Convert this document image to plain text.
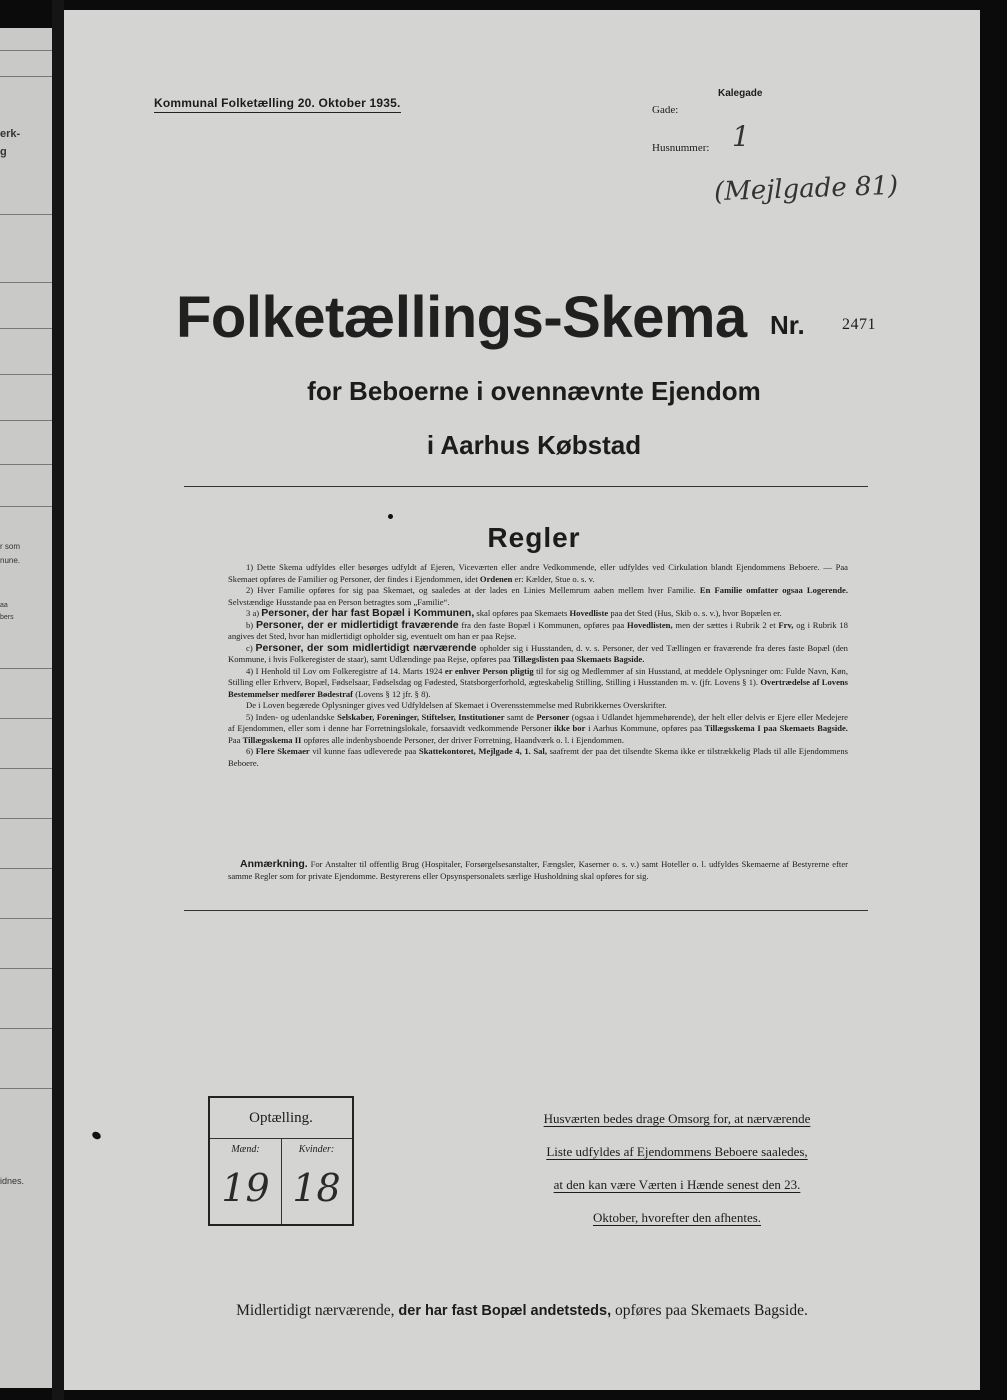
erk-
g
r som
nune.
aa
bers
idnes.
Kommunal Folketælling 20. Oktober 1935.	Gade:
Kalegade
Husnummer: 1
(Mejlgade 81)
Folketællings-Skema Nr. 2471
for Beboerne i ovennævnte Ejendom
i Aarhus Købstad
Regler

1) Dette Skema udfyldes eller besørges udfyldt af Ejeren, Viceværten eller andre Vedkommende, eller udfyldes ved Cirkulation blandt Ejendommens Beboere. — Paa Skemaet opføres de Familier og Personer, der findes i Ejendommen, idet Ordenen er: Kælder, Stue o. s. v.

2) Hver Familie opføres for sig paa Skemaet, og saaledes at der lades en Linies Mellemrum aaben mellem hver Familie. En Familie omfatter ogsaa Logerende. Selvstændige Husstande paa en Person betragtes som „Familie“.

3 a) Personer, der har fast Bopæl i Kommunen, skal opføres paa Skemaets Hovedliste paa det Sted (Hus, Skib o. s. v.), hvor Bopælen er.

b) Personer, der er midlertidigt fraværende fra den faste Bopæl i Kommunen, opføres paa Hovedlisten, men der sættes i Rubrik 2 et Frv, og i Rubrik 18 angives det Sted, hvor han midlertidigt opholder sig, eventuelt om han er paa Rejse.

c) Personer, der som midlertidigt nærværende opholder sig i Husstanden, d. v. s. Personer, der ved Tællingen er fraværende fra deres faste Bopæl (den Kommune, i hvis Folkeregister de staar), samt Udlændinge paa Rejse, opføres paa Tillægslisten paa Skemaets Bagside.

4) I Henhold til Lov om Folkeregistre af 14. Marts 1924 er enhver Person pligtig til for sig og Medlemmer af sin Husstand, at meddele Oplysninger om: Fulde Navn, Køn, Stilling eller Erhverv, Bopæl, Fødselsaar, Fødselsdag og Fødested, Statsborgerforhold, ægteskabelig Stilling, Stilling i Husstanden m. v. (jfr. Lovens § 1). Overtrædelse af Lovens Bestemmelser medfører Bødestraf (Lovens § 12 jfr. § 8).

De i Loven begærede Oplysninger gives ved Udfyldelsen af Skemaet i Overensstemmelse med Rubrikkernes Overskrifter.

5) Inden- og udenlandske Selskaber, Foreninger, Stiftelser, Institutioner samt de Personer (ogsaa i Udlandet hjemmehørende), der helt eller delvis er Ejere eller Medejere af Ejendommen, eller som i denne har Forretningslokale, forsaavidt vedkommende Personer ikke bor i Aarhus Kommune, opføres paa Tillægsskema I paa Skemaets Bagside. Paa Tillægsskema II opføres alle indenbysboende Personer, der driver Forretning, Haandværk o. l. i Ejendommen.

6) Flere Skemaer vil kunne faas udleverede paa Skattekontoret, Mejlgade 4, 1. Sal, saafremt der paa det tilsendte Skema ikke er tilstrækkelig Plads til alle Ejendommens Beboere.

Anmærkning. For Anstalter til offentlig Brug (Hospitaler, Forsørgelsesanstalter, Fængsler, Kaserner o. s. v.) samt Hoteller o. l. udfyldes Skemaerne af Bestyrerne efter samme Regler som for private Ejendomme. Bestyrerens eller Opsynspersonalets særlige Husholdning skal opføres for sig.

Optælling.
Mænd:	Kvinder:
19 18
Husværten bedes drage Omsorg for, at nærværende
Liste udfyldes af Ejendommens Beboere saaledes,
at den kan være Værten i Hænde senest den 23.
Oktober, hvorefter den afhentes.
Midlertidigt nærværende, der har fast Bopæl andetsteds, opføres paa Skemaets Bagside.
